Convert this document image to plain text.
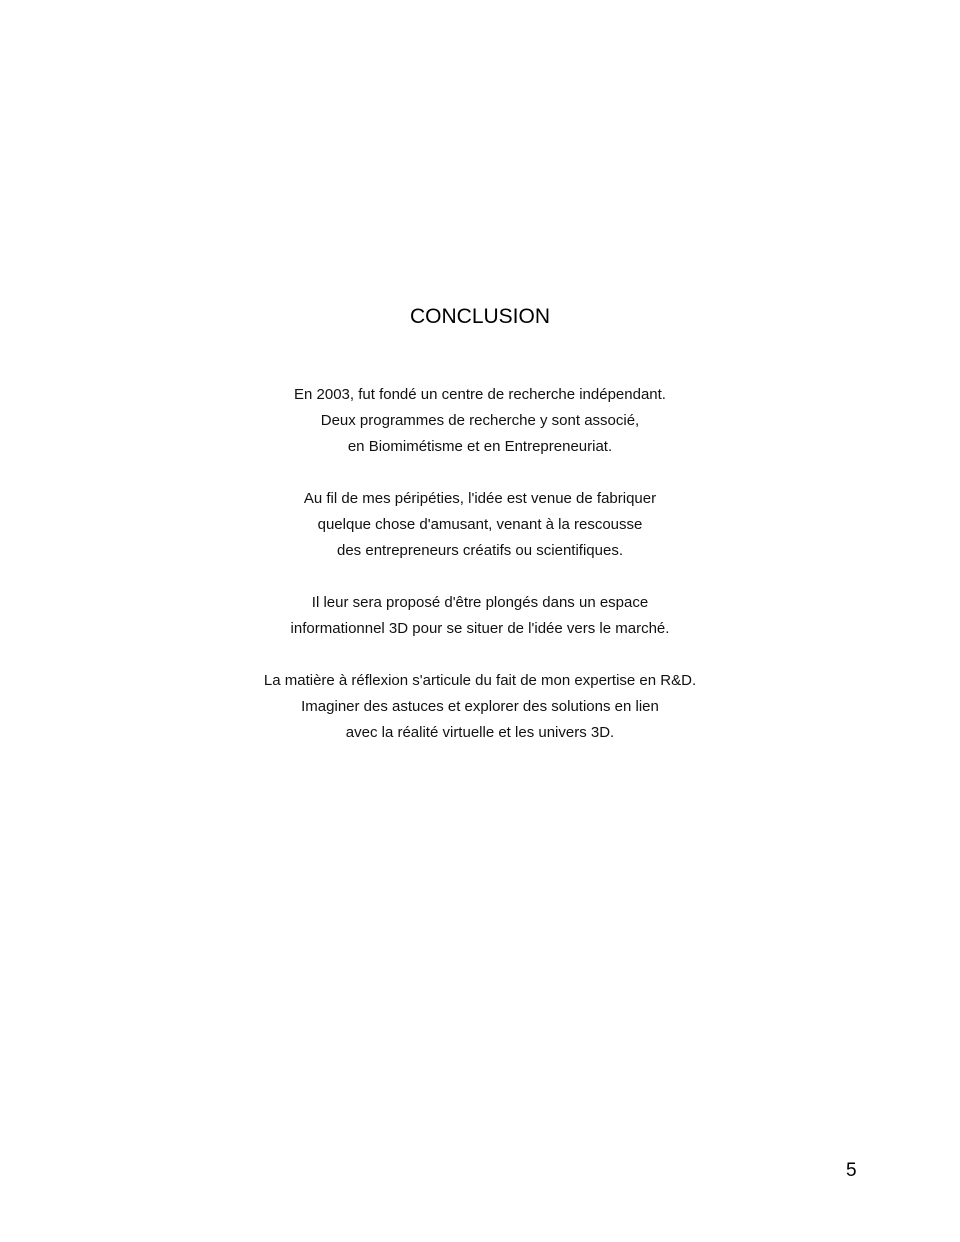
CONCLUSION

En 2003, fut fondé un centre de recherche indépendant.
Deux programmes de recherche y sont associé,
en Biomimétisme et en Entrepreneuriat.

Au fil de mes péripéties, l'idée est venue de fabriquer
quelque chose d'amusant, venant à la rescousse
des entrepreneurs créatifs ou scientifiques.

Il leur sera proposé d'être plongés dans un espace
informationnel 3D pour se situer de l'idée vers le marché.

La matière à réflexion s'articule du fait de mon expertise en R&D.
Imaginer des astuces et explorer des solutions en lien
avec la réalité virtuelle et les univers 3D.

5
